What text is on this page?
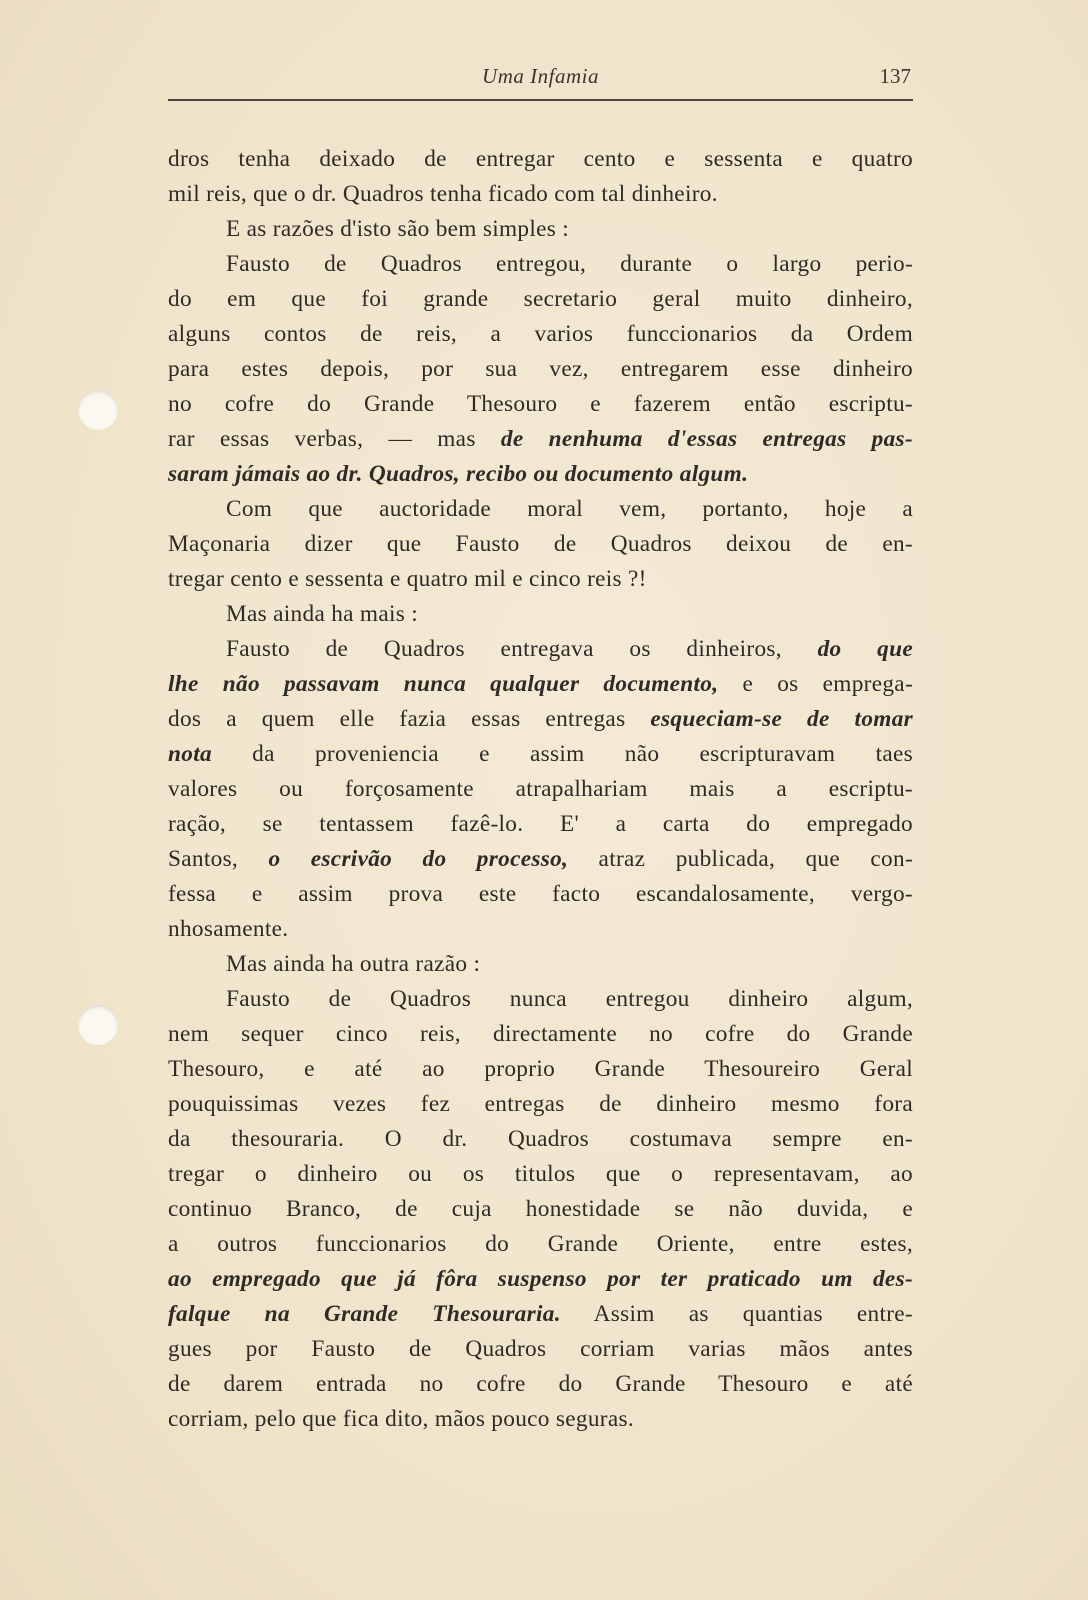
Uma Infamia	137
dros tenha deixado de entregar cento e sessenta e quatro
mil reis, que o dr. Quadros tenha ficado com tal dinheiro.
E as razões d'isto são bem simples :
Fausto de Quadros entregou, durante o largo perio-
do em que foi grande secretario geral muito dinheiro,
alguns contos de reis, a varios funccionarios da Ordem
para estes depois, por sua vez, entregarem esse dinheiro
no cofre do Grande Thesouro e fazerem então escriptu-
rar essas verbas, — mas de nenhuma d'essas entregas pas-
saram jámais ao dr. Quadros, recibo ou documento algum.
Com que auctoridade moral vem, portanto, hoje a
Maçonaria dizer que Fausto de Quadros deixou de en-
tregar cento e sessenta e quatro mil e cinco reis ?!
Mas ainda ha mais :
Fausto de Quadros entregava os dinheiros, do que
lhe não passavam nunca qualquer documento, e os emprega-
dos a quem elle fazia essas entregas esqueciam-se de tomar
nota da proveniencia e assim não escripturavam taes
valores ou forçosamente atrapalhariam mais a escriptu-
ração, se tentassem fazê-lo. E' a carta do empregado
Santos, o escrivão do processo, atraz publicada, que con-
fessa e assim prova este facto escandalosamente, vergo-
nhosamente.
Mas ainda ha outra razão :
Fausto de Quadros nunca entregou dinheiro algum,
nem sequer cinco reis, directamente no cofre do Grande
Thesouro, e até ao proprio Grande Thesoureiro Geral
pouquissimas vezes fez entregas de dinheiro mesmo fora
da thesouraria. O dr. Quadros costumava sempre en-
tregar o dinheiro ou os titulos que o representavam, ao
continuo Branco, de cuja honestidade se não duvida, e
a outros funccionarios do Grande Oriente, entre estes,
ao empregado que já fôra suspenso por ter praticado um des-
falque na Grande Thesouraria. Assim as quantias entre-
gues por Fausto de Quadros corriam varias mãos antes
de darem entrada no cofre do Grande Thesouro e até
corriam, pelo que fica dito, mãos pouco seguras.
